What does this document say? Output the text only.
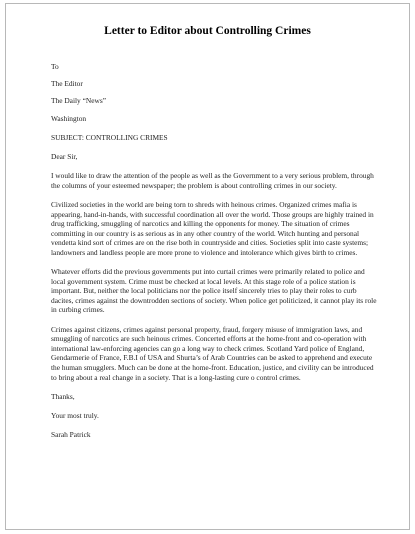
Letter to Editor about Controlling Crimes

To

The Editor

The Daily “News”

Washington

SUBJECT: CONTROLLING CRIMES

Dear Sir,

I would like to draw the attention of the people as well as the Government to a very serious problem, through the columns of your esteemed newspaper; the problem is about controlling crimes in our society.

Civilized societies in the world are being torn to shreds with heinous crimes. Organized crimes mafia is appearing, hand-in-hands, with successful coordination all over the world. Those groups are highly trained in drug trafficking, smuggling of narcotics and killing the opponents for money. The situation of crimes committing in our country is as serious as in any other country of the world. Witch hunting and personal vendetta kind sort of crimes are on the rise both in countryside and cities. Societies split into caste systems; landowners and landless people are more prone to violence and intolerance which gives birth to crimes.

Whatever efforts did the previous governments put into curtail crimes were primarily related to police and local government system. Crime must be checked at local levels. At this stage role of a police station is important. But, neither the local politicians nor the police itself sincerely tries to play their roles to curb dacites, crimes against the downtrodden sections of society. When police get politicized, it cannot play its role in curbing crimes.

Crimes against citizens, crimes against personal property, fraud, forgery misuse of immigration laws, and smuggling of narcotics are such heinous crimes. Concerted efforts at the home-front and co-operation with international law-enforcing agencies can go a long way to check crimes. Scotland Yard police of England, Gendarmerie of France, F.B.I of USA and Shurta’s of Arab Countries can be asked to apprehend and execute the human smugglers. Much can be done at the home-front. Education, justice, and civility can be introduced to bring about a real change in a society. That is a long-lasting cure o control crimes.

Thanks,

Your most truly.

Sarah Patrick
